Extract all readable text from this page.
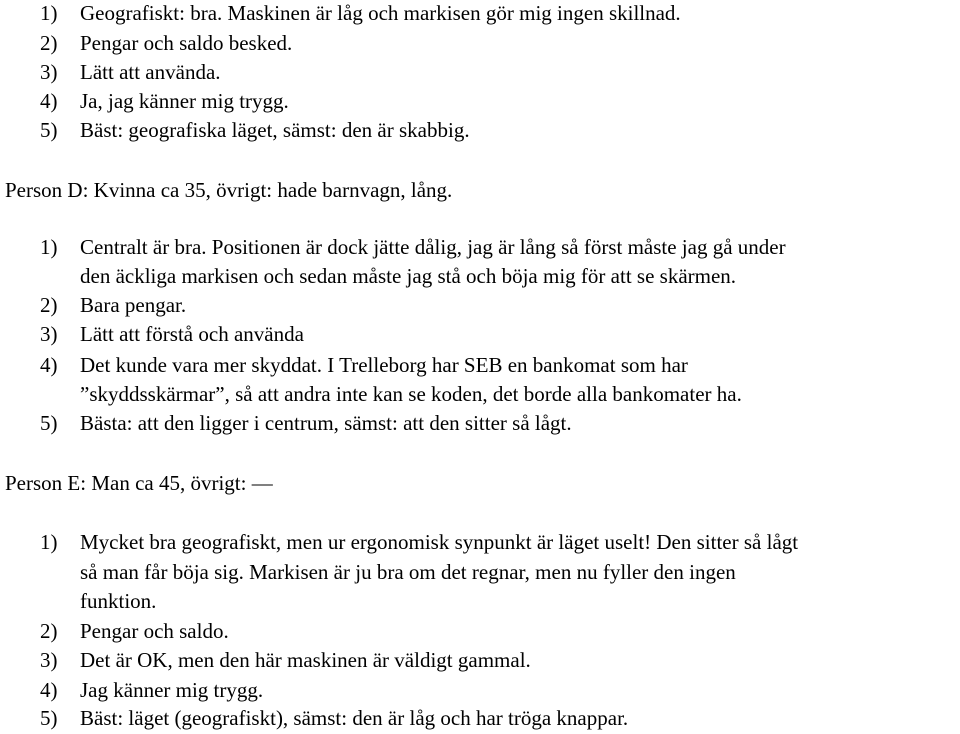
1) Geografiskt: bra. Maskinen är låg och markisen gör mig ingen skillnad.
2) Pengar och saldo besked.
3) Lätt att använda.
4) Ja, jag känner mig trygg.
5) Bäst: geografiska läget, sämst: den är skabbig.
Person D: Kvinna ca 35, övrigt: hade barnvagn, lång.
1) Centralt är bra. Positionen är dock jätte dålig, jag är lång så först måste jag gå under
den äckliga markisen och sedan måste jag stå och böja mig för att se skärmen.
2) Bara pengar.
3) Lätt att förstå och använda
4) Det kunde vara mer skyddat. I Trelleborg har SEB en bankomat som har
”skyddsskärmar”, så att andra inte kan se koden, det borde alla bankomater ha.
5) Bästa: att den ligger i centrum, sämst: att den sitter så lågt.
Person E: Man ca 45, övrigt: —
1) Mycket bra geografiskt, men ur ergonomisk synpunkt är läget uselt! Den sitter så lågt
så man får böja sig. Markisen är ju bra om det regnar, men nu fyller den ingen
funktion.
2) Pengar och saldo.
3) Det är OK, men den här maskinen är väldigt gammal.
4) Jag känner mig trygg.
5) Bäst: läget (geografiskt), sämst: den är låg och har tröga knappar.
